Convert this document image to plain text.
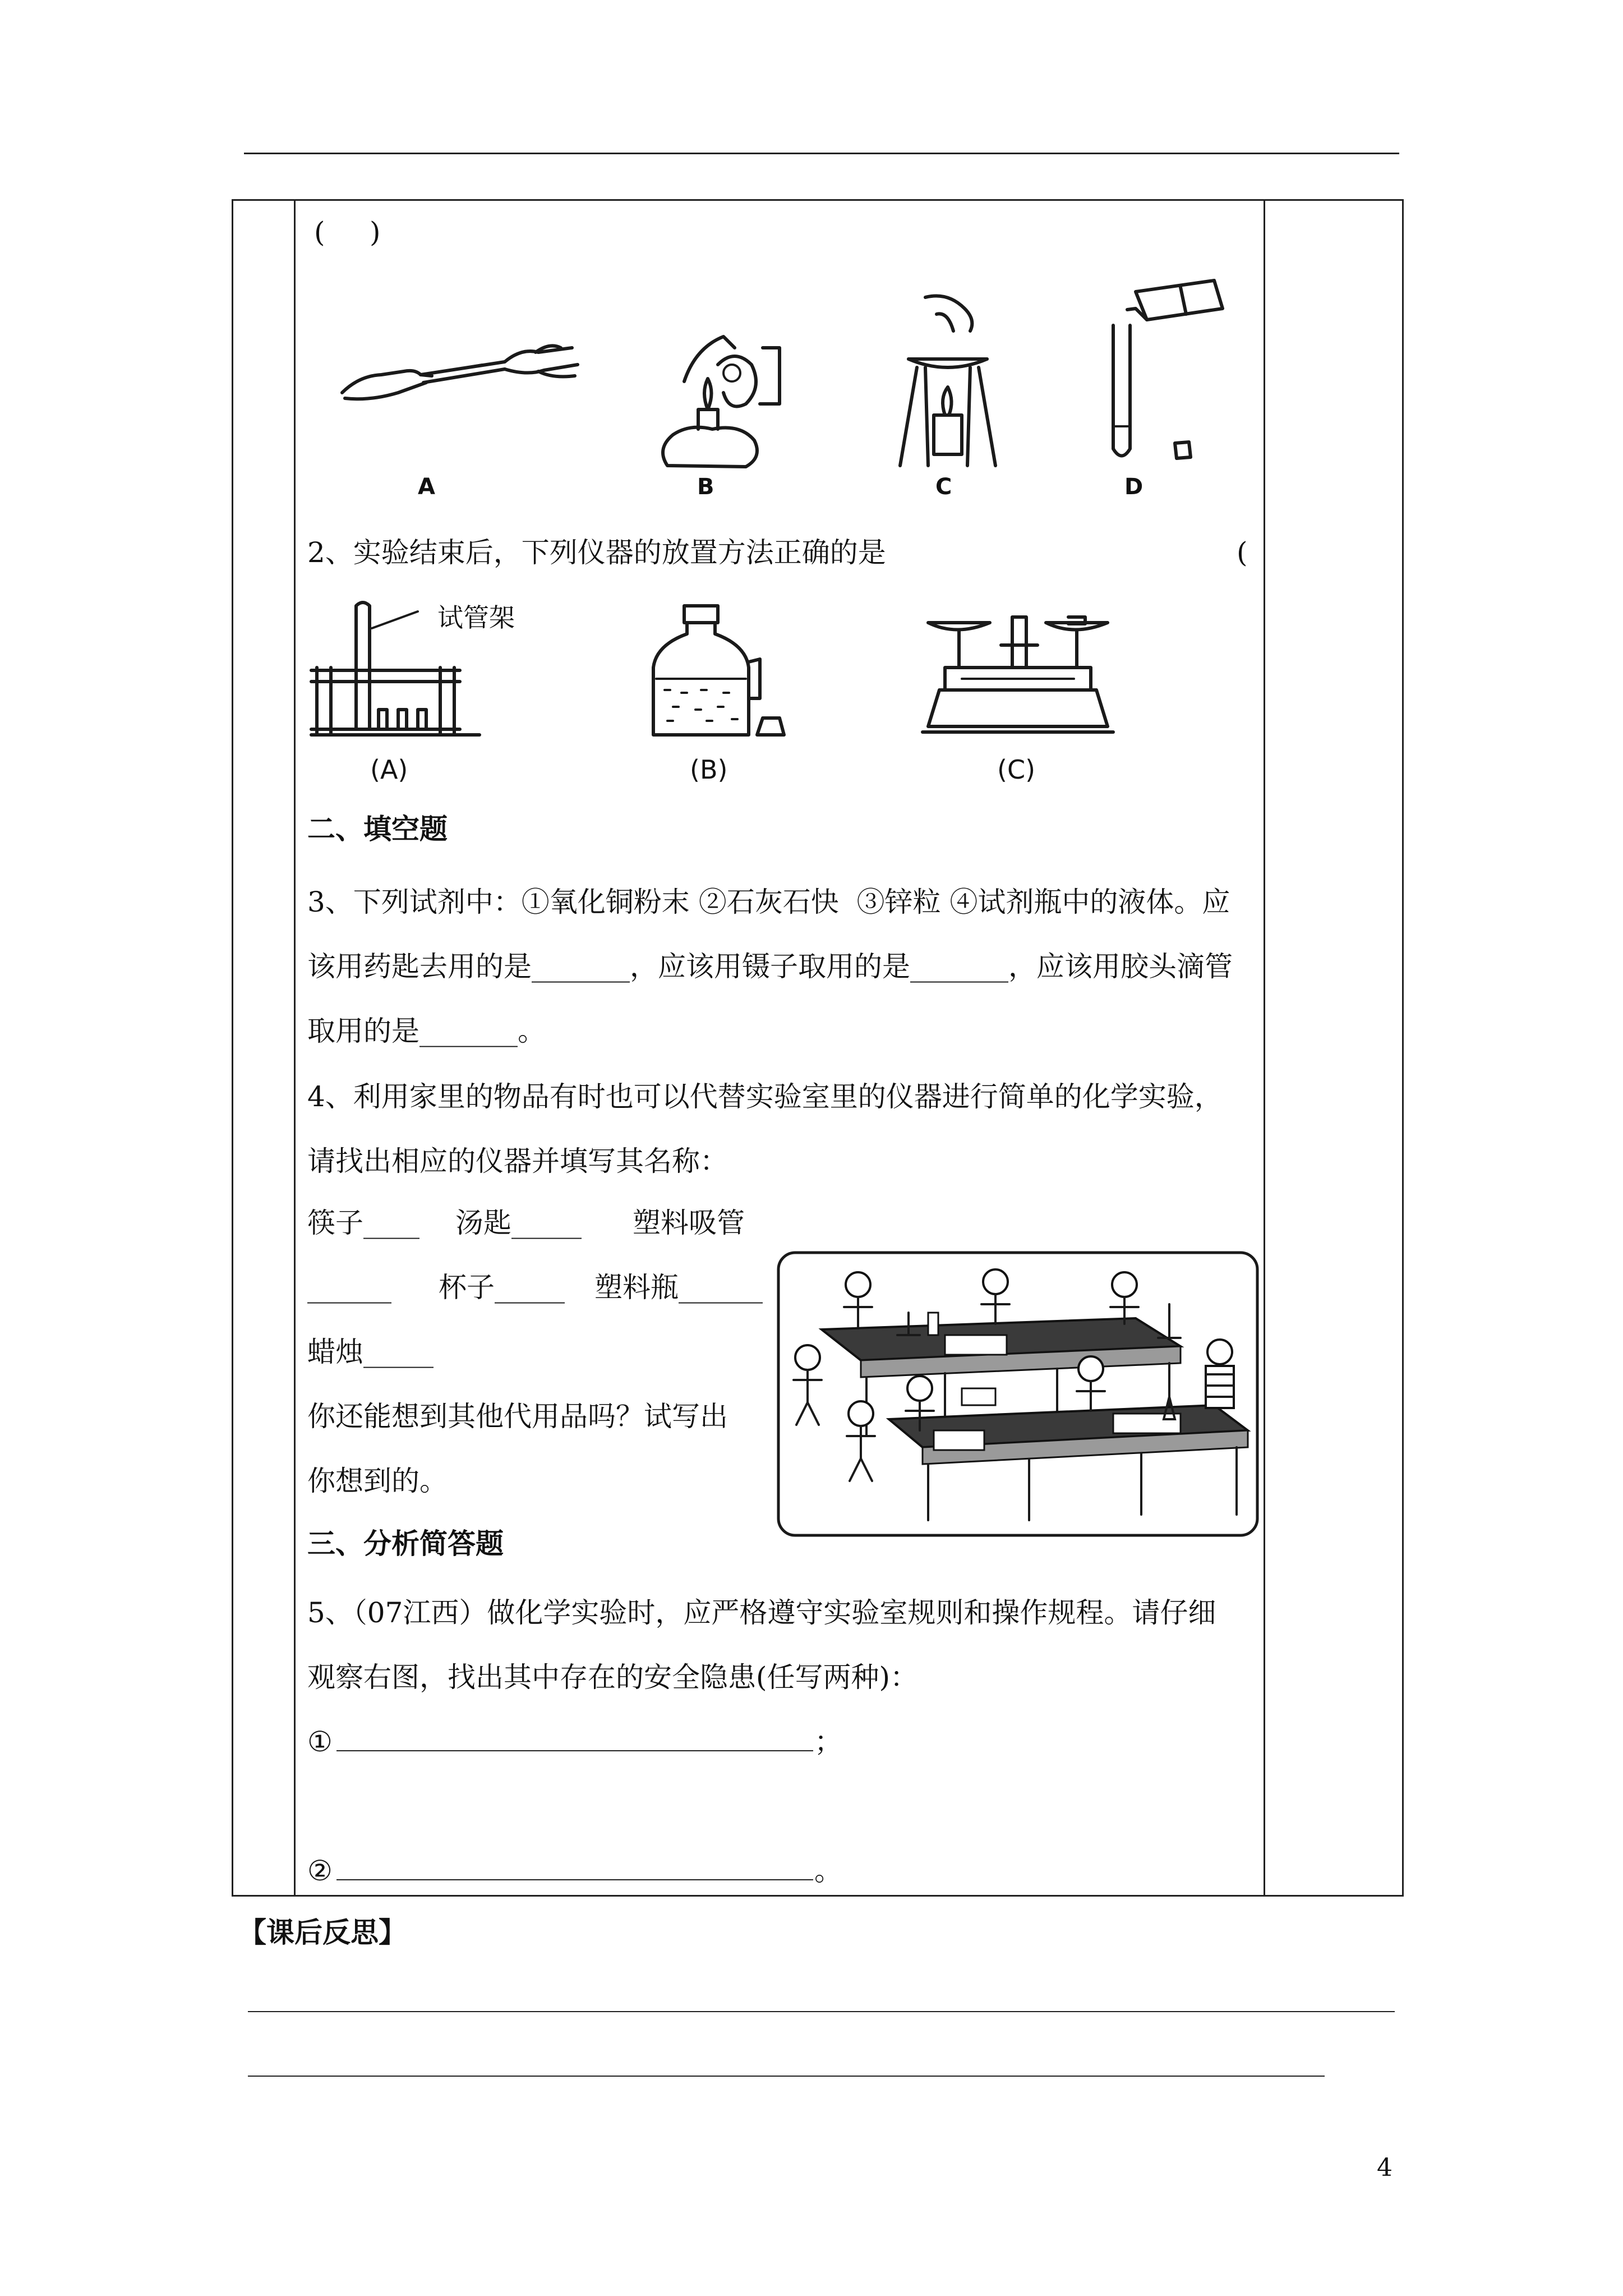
(     )
A	B	C	D
2、实验结束后，下列仪器的放置方法正确的是	(
试管架
(A)	(B)	(C)
二、填空题
3、下列试剂中：①氧化铜粉末 ②石灰石快  ③锌粒 ④试剂瓶中的液体。应
该用药匙去用的是_______，应该用镊子取用的是_______，应该用胶头滴管
取用的是_______。
4、利用家里的物品有时也可以代替实验室里的仪器进行简单的化学实验，
请找出相应的仪器并填写其名称：
筷子____ 汤匙_____ 塑料吸管
______ 杯子_____ 塑料瓶______
蜡烛_____
你还能想到其他代用品吗？试写出
你想到的。
三、分析简答题
5、（07江西）做化学实验时，应严格遵守实验室规则和操作规程。请仔细
观察右图，找出其中存在的安全隐患(任写两种)：
①	；
②	。
【课后反思】
4
